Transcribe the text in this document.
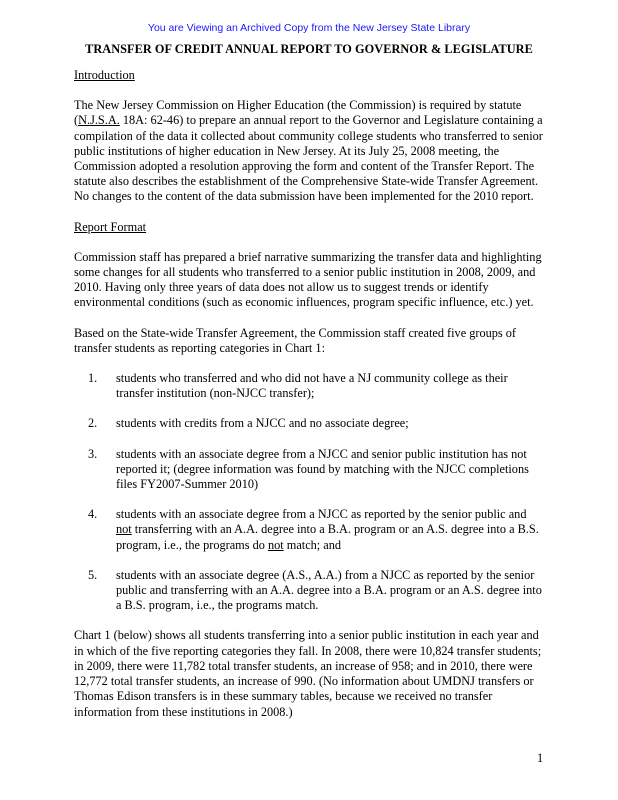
You are Viewing an Archived Copy from the New Jersey State Library
TRANSFER OF CREDIT ANNUAL REPORT TO GOVERNOR & LEGISLATURE

Introduction

The New Jersey Commission on Higher Education (the Commission) is required by statute (N.J.S.A. 18A: 62-46) to prepare an annual report to the Governor and Legislature containing a compilation of the data it collected about community college students who transferred to senior public institutions of higher education in New Jersey. At its July 25, 2008 meeting, the Commission adopted a resolution approving the form and content of the Transfer Report. The statute also describes the establishment of the Comprehensive State-wide Transfer Agreement. No changes to the content of the data submission have been implemented for the 2010 report.

Report Format

Commission staff has prepared a brief narrative summarizing the transfer data and highlighting some changes for all students who transferred to a senior public institution in 2008, 2009, and 2010. Having only three years of data does not allow us to suggest trends or identify environmental conditions (such as economic influences, program specific influence, etc.) yet.

Based on the State-wide Transfer Agreement, the Commission staff created five groups of transfer students as reporting categories in Chart 1:

1.	students who transferred and who did not have a NJ community college as their transfer institution (non-NJCC transfer);
2.	students with credits from a NJCC and no associate degree;
3.	students with an associate degree from a NJCC and senior public institution has not reported it; (degree information was found by matching with the NJCC completions files FY2007-Summer 2010)
4.	students with an associate degree from a NJCC as reported by the senior public and not transferring with an A.A. degree into a B.A. program or an A.S. degree into a B.S. program, i.e., the programs do not match; and
5.	students with an associate degree (A.S., A.A.) from a NJCC as reported by the senior public and transferring with an A.A. degree into a B.A. program or an A.S. degree into a B.S. program, i.e., the programs match.

Chart 1 (below) shows all students transferring into a senior public institution in each year and in which of the five reporting categories they fall. In 2008, there were 10,824 transfer students; in 2009, there were 11,782 total transfer students, an increase of 958; and in 2010, there were 12,772 total transfer students, an increase of 990. (No information about UMDNJ transfers or Thomas Edison transfers is in these summary tables, because we received no transfer information from these institutions in 2008.)

1
